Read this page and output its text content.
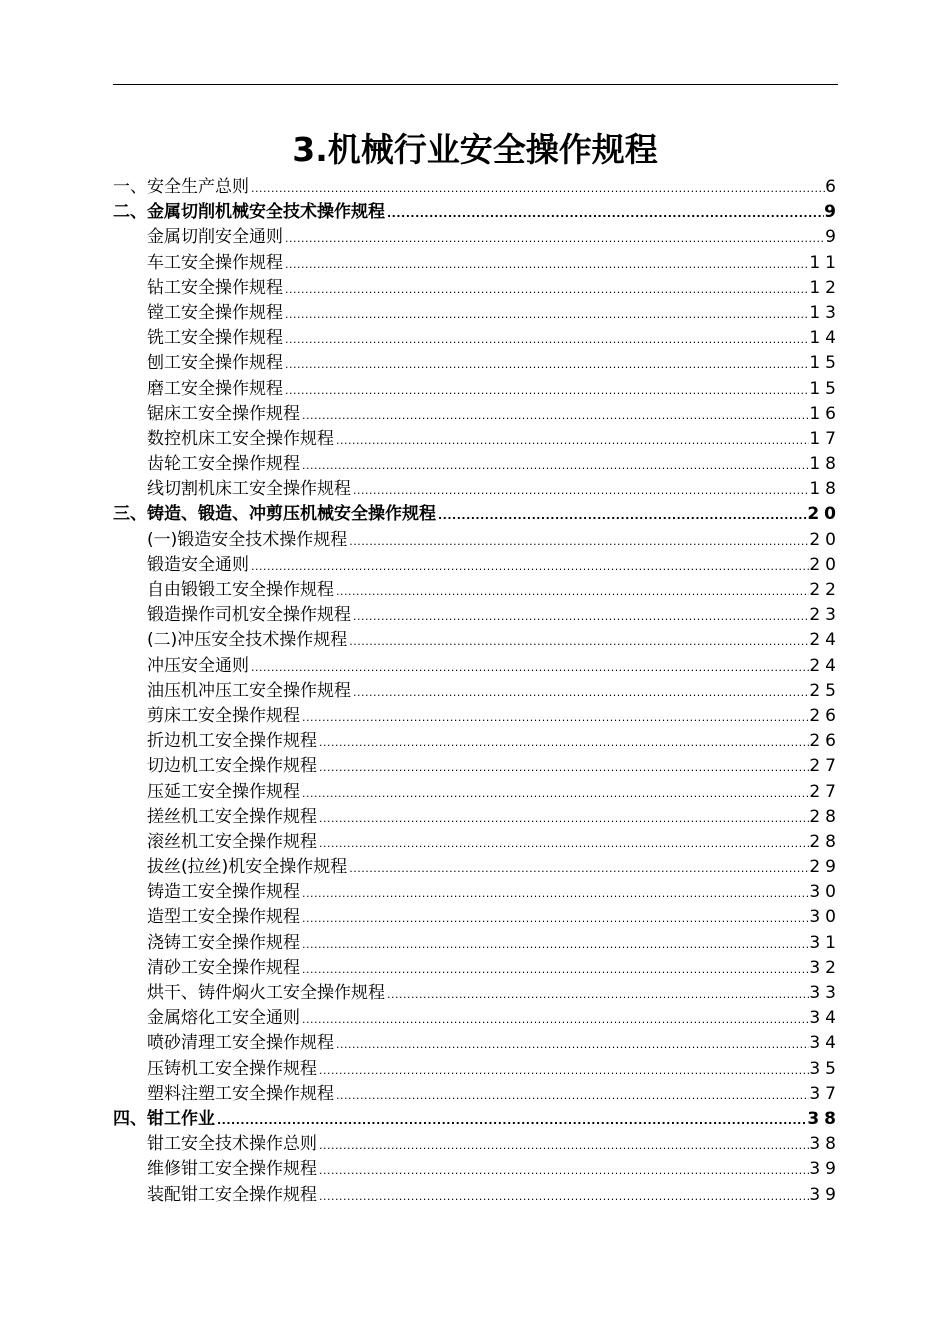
3.机械行业安全操作规程
一、安全生产总则 .....	6
二、金属切削机械安全技术操作规程 .....	9
金属切削安全通则 .....	9
车工安全操作规程 .....	11
钻工安全操作规程 .....	12
镗工安全操作规程 .....	13
铣工安全操作规程 .....	14
刨工安全操作规程 .....	15
磨工安全操作规程 .....	15
锯床工安全操作规程 .....	16
数控机床工安全操作规程 .....	17
齿轮工安全操作规程 .....	18
线切割机床工安全操作规程 .....	18
三、铸造、锻造、冲剪压机械安全操作规程 .....	20
(一)锻造安全技术操作规程 .....	20
锻造安全通则 .....	20
自由锻锻工安全操作规程 .....	22
锻造操作司机安全操作规程 .....	23
(二)冲压安全技术操作规程 .....	24
冲压安全通则 .....	24
油压机冲压工安全操作规程 .....	25
剪床工安全操作规程 .....	26
折边机工安全操作规程 .....	26
切边机工安全操作规程 .....	27
压延工安全操作规程 .....	27
搓丝机工安全操作规程 .....	28
滚丝机工安全操作规程 .....	28
拔丝(拉丝)机安全操作规程 .....	29
铸造工安全操作规程 .....	30
造型工安全操作规程 .....	30
浇铸工安全操作规程 .....	31
清砂工安全操作规程 .....	32
烘干、铸件焖火工安全操作规程 .....	33
金属熔化工安全通则 .....	34
喷砂清理工安全操作规程 .....	34
压铸机工安全操作规程 .....	35
塑料注塑工安全操作规程 .....	37
四、钳工作业 .....	38
钳工安全技术操作总则 .....	38
维修钳工安全操作规程 .....	39
装配钳工安全操作规程 .....	39
